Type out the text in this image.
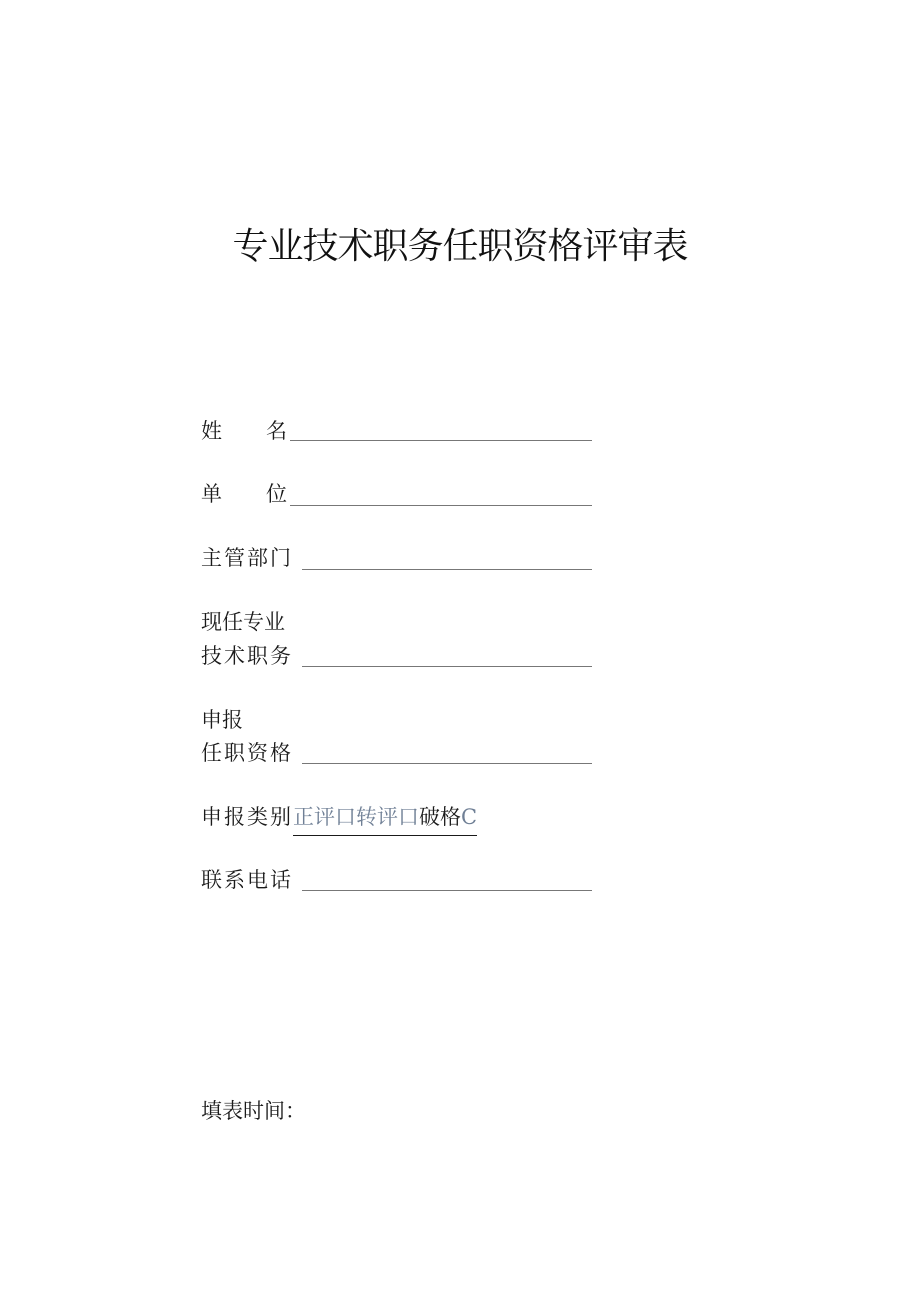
专业技术职务任职资格评审表
姓 名
单 位
主管部门
现任专业
技术职务
申报
任职资格
申报类别正评口转评口破格C
联系电话
填表时间：
